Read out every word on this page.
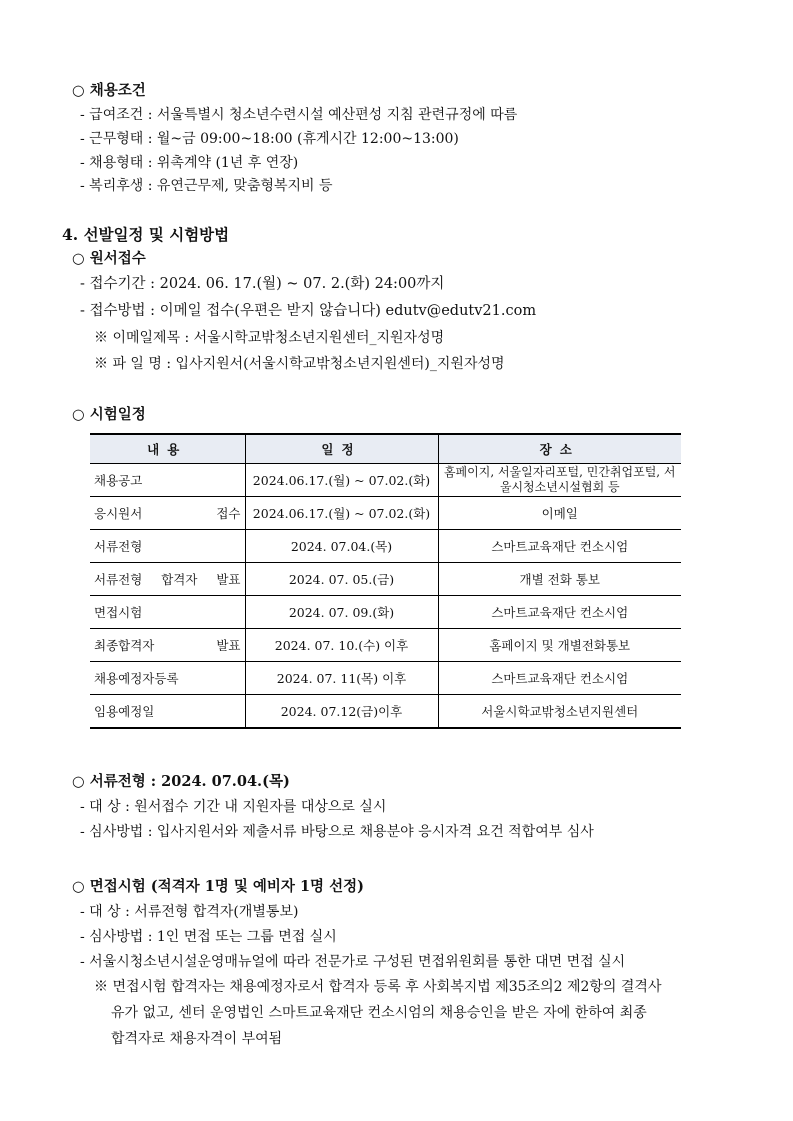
○ 채용조건
- 급여조건 : 서울특별시 청소년수련시설 예산편성 지침 관련규정에 따름
- 근무형태 : 월~금 09:00~18:00 (휴게시간 12:00~13:00)
- 채용형태 : 위촉계약 (1년 후 연장)
- 복리후생 : 유연근무제, 맞춤형복지비 등
4. 선발일정 및 시험방법
○ 원서접수
- 접수기간 : 2024. 06. 17.(월) ~ 07. 2.(화) 24:00까지
- 접수방법 : 이메일 접수(우편은 받지 않습니다) edutv@edutv21.com
※ 이메일제목 : 서울시학교밖청소년지원센터_지원자성명
※ 파 일 명 : 입사지원서(서울시학교밖청소년지원센터)_지원자성명
○ 시험일정
내용	일정	장소
채용공고	2024.06.17.(월) ~ 07.02.(화)	홈페이지, 서울일자리포털, 민간취업포털, 서울시청소년시설협회 등
응시원서 접수	2024.06.17.(월) ~ 07.02.(화)	이메일
서류전형	2024. 07.04.(목)	스마트교육재단 컨소시엄
서류전형 합격자 발표	2024. 07. 05.(금)	개별 전화 통보
면접시험	2024. 07. 09.(화)	스마트교육재단 컨소시엄
최종합격자 발표	2024. 07. 10.(수) 이후	홈페이지 및 개별전화통보
채용예정자등록	2024. 07. 11(목) 이후	스마트교육재단 컨소시엄
임용예정일	2024. 07.12(금)이후	서울시학교밖청소년지원센터
○ 서류전형 : 2024. 07.04.(목)
- 대 상 : 원서접수 기간 내 지원자를 대상으로 실시
- 심사방법 : 입사지원서와 제출서류 바탕으로 채용분야 응시자격 요건 적합여부 심사
○ 면접시험 (적격자 1명 및 예비자 1명 선정)
- 대 상 : 서류전형 합격자(개별통보)
- 심사방법 : 1인 면접 또는 그룹 면접 실시
- 서울시청소년시설운영매뉴얼에 따라 전문가로 구성된 면접위원회를 통한 대면 면접 실시
※ 면접시험 합격자는 채용예정자로서 합격자 등록 후 사회복지법 제35조의2 제2항의 결격사
유가 없고, 센터 운영법인 스마트교육재단 컨소시엄의 채용승인을 받은 자에 한하여 최종
합격자로 채용자격이 부여됨
